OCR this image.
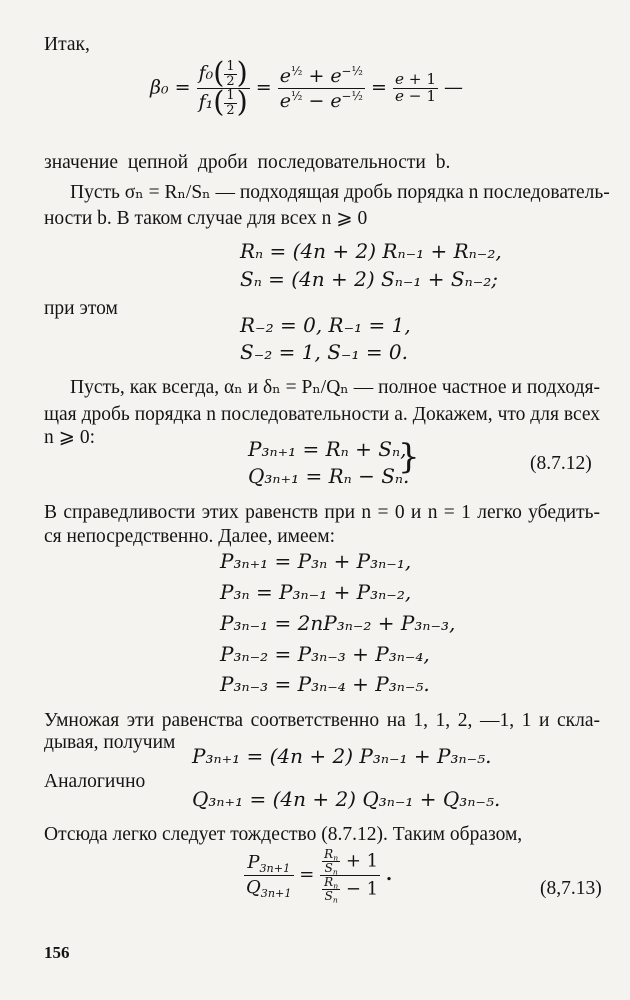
Итак,
$\beta_0 = \frac{f_0( \frac{1}{2} )}{f_1( \frac{1}{2} )} = \frac{e^{\frac{1}{2}} + e^{-\frac{1}{2}}}{e^{\frac{1}{2}} - e^{-\frac{1}{2}}} = \frac{e + 1}{e - 1}$ —
значение цепной дроби последовательности b.
Пусть σₙ = Rₙ/Sₙ — подходящая дробь порядка n последователь-
ности b. В таком случае для всех n ⩾ 0
Rₙ = (4n + 2) Rₙ₋₁ + Rₙ₋₂,
Sₙ = (4n + 2) Sₙ₋₁ + Sₙ₋₂;
при этом
R₋₂ = 0, R₋₁ = 1,
S₋₂ = 1, S₋₁ = 0.
Пусть, как всегда, αₙ и δₙ = Pₙ/Qₙ — полное частное и подходя-
щая дробь порядка n последовательности a. Докажем, что для всех
n ⩾ 0:	P₃ₙ₊₁ = Rₙ + Sₙ,
Q₃ₙ₊₁ = Rₙ − Sₙ.
}	(8.7.12)
В справедливости этих равенств при n = 0 и n = 1 легко убедить-
ся непосредственно. Далее, имеем:
P₃ₙ₊₁ = P₃ₙ + P₃ₙ₋₁,
P₃ₙ = P₃ₙ₋₁ + P₃ₙ₋₂,
P₃ₙ₋₁ = 2nP₃ₙ₋₂ + P₃ₙ₋₃,
P₃ₙ₋₂ = P₃ₙ₋₃ + P₃ₙ₋₄,
P₃ₙ₋₃ = P₃ₙ₋₄ + P₃ₙ₋₅.
Умножая эти равенства соответственно на 1, 1, 2, —1, 1 и скла-
дывая, получим
P₃ₙ₊₁ = (4n + 2) P₃ₙ₋₁ + P₃ₙ₋₅.
Аналогично
Q₃ₙ₊₁ = (4n + 2) Q₃ₙ₋₁ + Q₃ₙ₋₅.
Отсюда легко следует тождество (8.7.12). Таким образом,
$\frac{P_{3n+1}}{Q_{3n+1}} = \frac{\frac{R_n}{S_n} + 1}{\frac{R_n}{S_n} - 1}$ .
(8,7.13)
156
